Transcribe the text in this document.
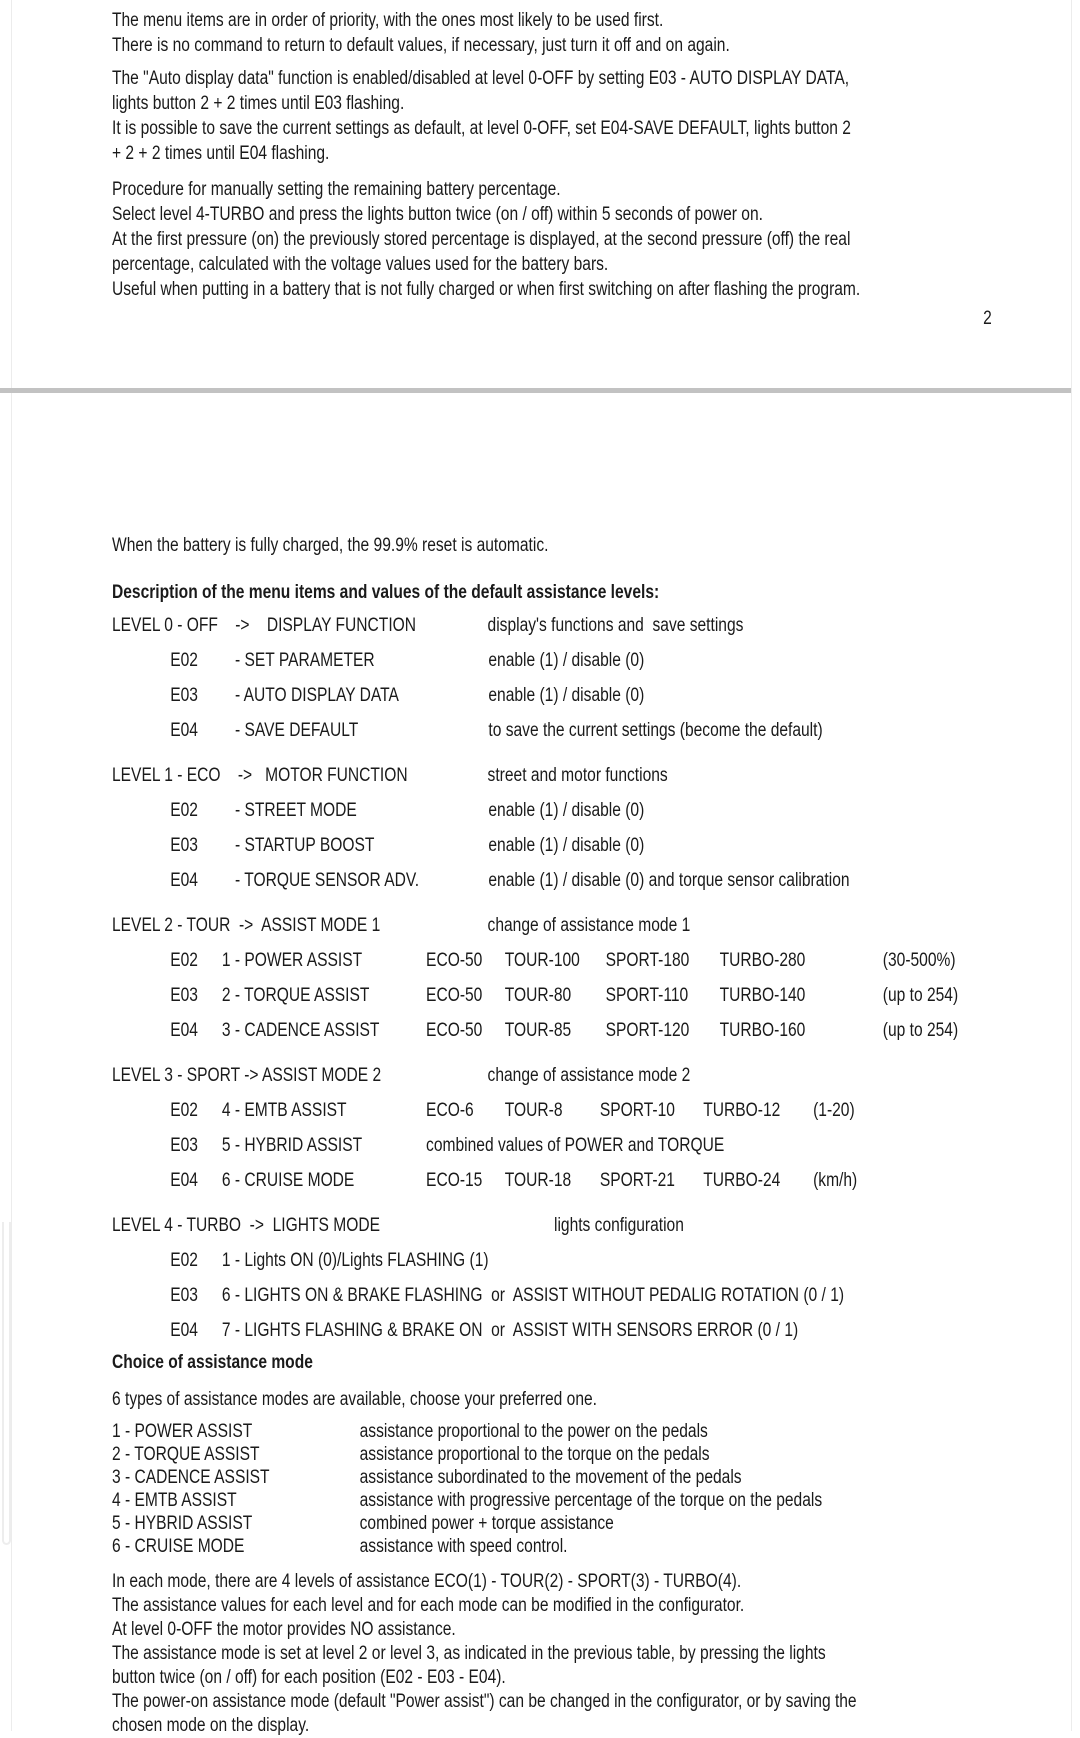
The menu items are in order of priority, with the ones most likely to be used first.
There is no command to return to default values, if necessary, just turn it off and on again.
The "Auto display data" function is enabled/disabled at level 0-OFF by setting E03 - AUTO DISPLAY DATA,
lights button 2 + 2 times until E03 flashing.
It is possible to save the current settings as default, at level 0-OFF, set E04-SAVE DEFAULT, lights button 2
+ 2 + 2 times until E04 flashing.
Procedure for manually setting the remaining battery percentage.
Select level 4-TURBO and press the lights button twice (on / off) within 5 seconds of power on.
At the first pressure (on) the previously stored percentage is displayed, at the second pressure (off) the real
percentage, calculated with the voltage values used for the battery bars.
Useful when putting in a battery that is not fully charged or when first switching on after flashing the program.
2
When the battery is fully charged, the 99.9% reset is automatic.
Description of the menu items and values of the default assistance levels:
LEVEL 0 - OFF    ->    DISPLAY FUNCTION	display's functions and  save settings
E02	- SET PARAMETER	enable (1) / disable (0)
E03	- AUTO DISPLAY DATA	enable (1) / disable (0)
E04	- SAVE DEFAULT	to save the current settings (become the default)
LEVEL 1 - ECO    ->   MOTOR FUNCTION	street and motor functions
E02	- STREET MODE	enable (1) / disable (0)
E03	- STARTUP BOOST	enable (1) / disable (0)
E04	- TORQUE SENSOR ADV.	enable (1) / disable (0) and torque sensor calibration
LEVEL 2 - TOUR  ->  ASSIST MODE 1	change of assistance mode 1
E02	1 - POWER ASSIST	ECO-50	TOUR-100	SPORT-180	TURBO-280	(30-500%)
E03	2 - TORQUE ASSIST	ECO-50	TOUR-80	SPORT-110	TURBO-140	(up to 254)
E04	3 - CADENCE ASSIST	ECO-50	TOUR-85	SPORT-120	TURBO-160	(up to 254)
LEVEL 3 - SPORT -> ASSIST MODE 2	change of assistance mode 2
E02	4 - EMTB ASSIST	ECO-6	TOUR-8	SPORT-10	TURBO-12	(1-20)
E03	5 - HYBRID ASSIST	combined values of POWER and TORQUE
E04	6 - CRUISE MODE	ECO-15	TOUR-18	SPORT-21	TURBO-24	(km/h)
LEVEL 4 - TURBO  ->  LIGHTS MODE	lights configuration
E02	1 - Lights ON (0)/Lights FLASHING (1)
E03	6 - LIGHTS ON & BRAKE FLASHING  or  ASSIST WITHOUT PEDALIG ROTATION (0 / 1)
E04	7 - LIGHTS FLASHING & BRAKE ON  or  ASSIST WITH SENSORS ERROR (0 / 1)
Choice of assistance mode
6 types of assistance modes are available, choose your preferred one.
1 - POWER ASSIST	assistance proportional to the power on the pedals
2 - TORQUE ASSIST	assistance proportional to the torque on the pedals
3 - CADENCE ASSIST	assistance subordinated to the movement of the pedals
4 - EMTB ASSIST	assistance with progressive percentage of the torque on the pedals
5 - HYBRID ASSIST	combined power + torque assistance
6 - CRUISE MODE	assistance with speed control.
In each mode, there are 4 levels of assistance ECO(1) - TOUR(2) - SPORT(3) - TURBO(4).
The assistance values for each level and for each mode can be modified in the configurator.
At level 0-OFF the motor provides NO assistance.
The assistance mode is set at level 2 or level 3, as indicated in the previous table, by pressing the lights
button twice (on / off) for each position (E02 - E03 - E04).
The power-on assistance mode (default "Power assist") can be changed in the configurator, or by saving the
chosen mode on the display.
